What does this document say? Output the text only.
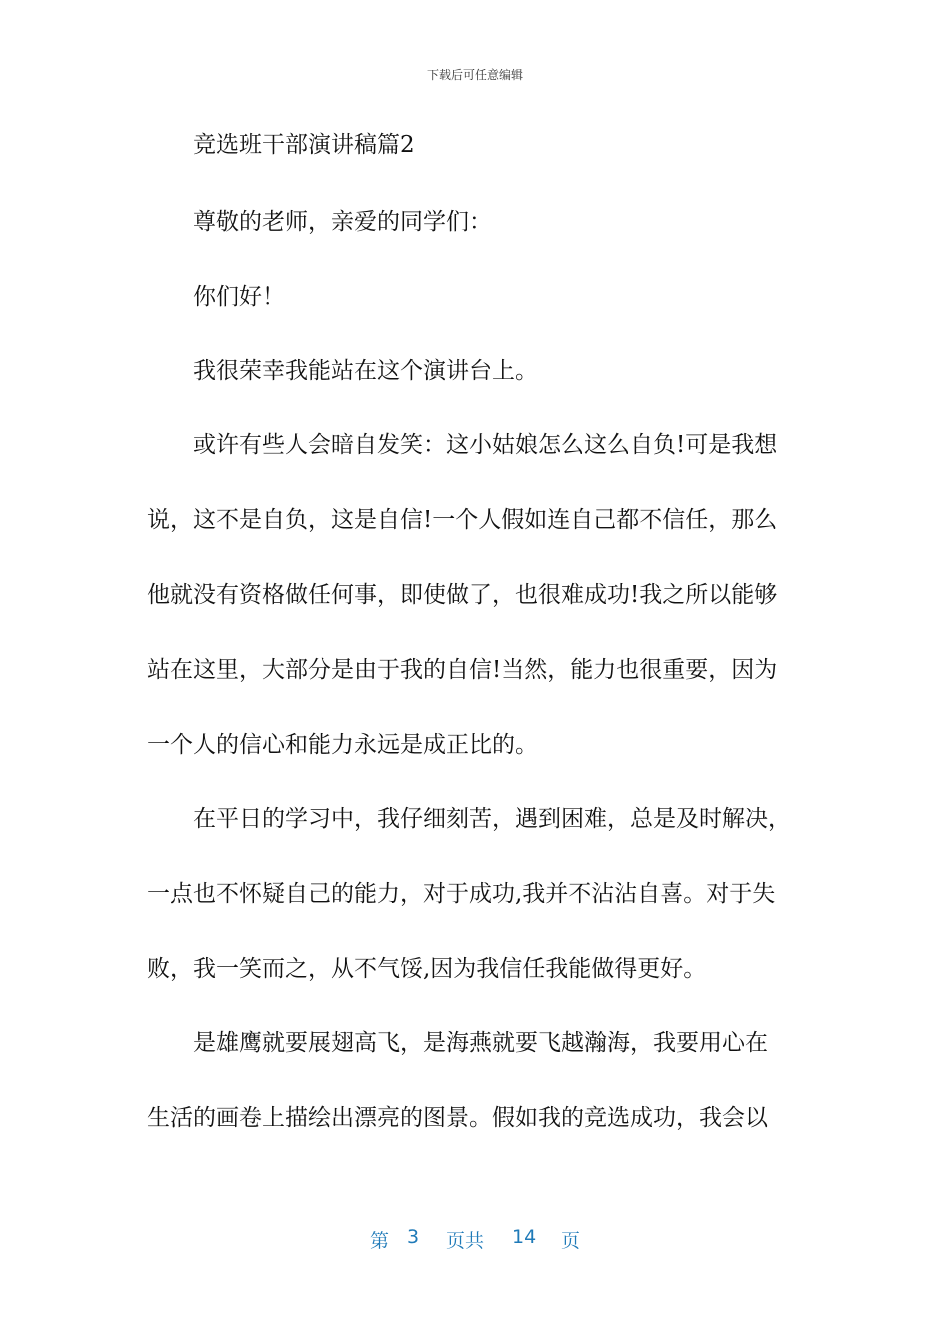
下载后可任意编辑
竞选班干部演讲稿篇2
尊敬的老师，亲爱的同学们：
你们好！
我很荣幸我能站在这个演讲台上。
或许有些人会暗自发笑：这小姑娘怎么这么自负!可是我想
说，这不是自负，这是自信!一个人假如连自己都不信任，那么
他就没有资格做任何事，即使做了，也很难成功!我之所以能够
站在这里，大部分是由于我的自信!当然，能力也很重要，因为
一个人的信心和能力永远是成正比的。
在平日的学习中，我仔细刻苦，遇到困难，总是及时解决，
一点也不怀疑自己的能力，对于成功,我并不沾沾自喜。对于失
败，我一笑而之，从不气馁,因为我信任我能做得更好。
是雄鹰就要展翅高飞，是海燕就要飞越瀚海，我要用心在
生活的画卷上描绘出漂亮的图景。假如我的竞选成功，我会以
第 3 页共 14 页
